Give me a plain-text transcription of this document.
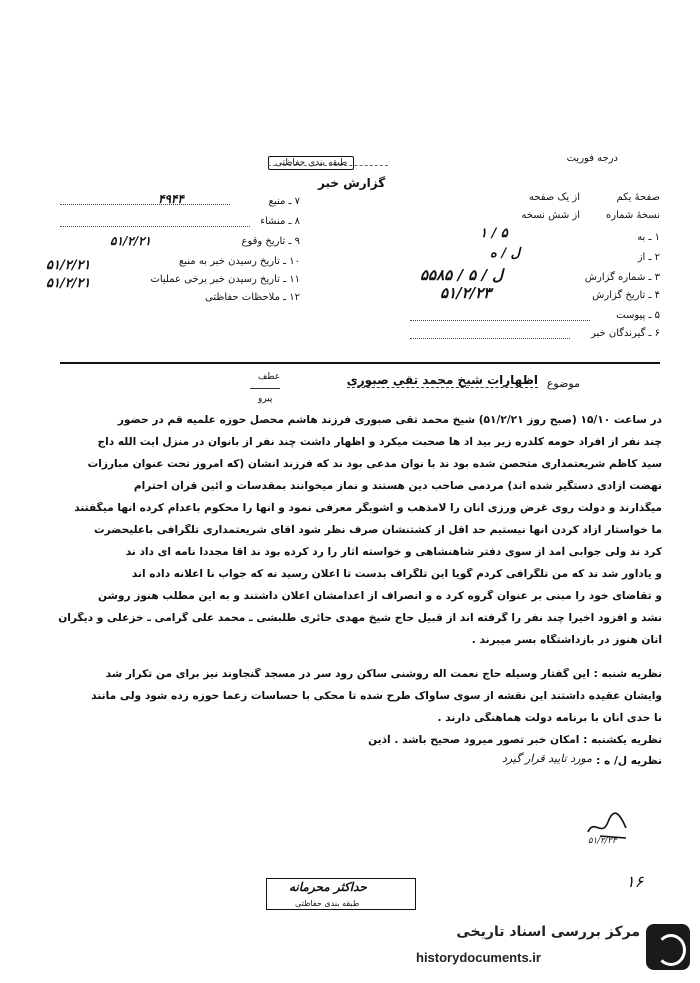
درجه فوریت
طبقه بندی حفاظتی
گزارش خبر
۷ ـ منبع
۴۹۴۴
۸ ـ منشاء
۹ ـ تاریخ وقوع
۵۱/۲/۲۱
۱۰ ـ تاریخ رسیدن خبر به منبع
۵۱/۲/۲۱
۱۱ ـ تاریخ رسیدن خبر برخی عملیات
۵۱/۲/۲۱
۱۲ ـ ملاحظات حفاظتی
صفحهٔ یکم
از یک صفحه
نسخهٔ شماره
از شش نسخه
۱ ـ به
۱ / ۵
۲ ـ از
ل / ه
۳ ـ شماره گزارش
۵۵۸۵ / ل / ۵
۴ ـ تاریخ گزارش
۵۱/۲/۲۳
۵ ـ پیوست
۶ ـ گیرندگان خبر
عطف
پیرو
موضوع
اظهارات شیخ محمد تقی صبوری
در ساعت ۱۵/۱۰ (صبح روز ۵۱/۲/۲۱) شیخ محمد تقی صبوری فرزند هاشم محصل حوزه علمیه قم در حضور
چند نفر از افراد حومه کلدره زیر بید اد ها صحبت میکرد و اظهار داشت چند نفر از بانوان در منزل آیت الله داج
سید کاظم شریعتمداری متحصن شده بود ند با نوان مدعی بود ند که فرزند انشان (که امروز تحت عنوان مبارزات
نهضت آزادی دستگیر شده اند) مردمی صاحب دین هستند و نماز میخوانند بمقدسات و آئین قرآن احترام
میگذارند و دولت روی غرض ورزی آنان را لامذهب و آشوبگر معرفی نمود و آنها را محکوم باعدام کرده آنها میگفتند
ما خواستار آزاد کردن آنها نیستیم حد اقل از کشتنشان صرف نظر شود آقای شریعتمداری تلگرافی باعلیحضرت
کرد ند ولی جوابی آمد از سوی دفتر شاهنشاهی و خواسته آثار را رد کرده بود ند آقا مجددا نامه ای داد ند
و یادآور شد ند که من تلگرافی کردم گویا این تلگراف بدست تا اعلان رسید نه که جواب نا اعلانه داده اند
و تقاضای خود را مبنی بر عنوان گروه کرد ه و انصراف از اعدامشان اعلان داشتند و به این مطلب هنوز روشن
نشد و افزود اخیرا چند نفر را گرفته اند از قبیل حاج شیخ مهدی حائری طلبشی ـ محمد علی گرامی ـ خزعلی و دیگران
آنان هنوز در بازداشتگاه بسر میبرند .
نظریه شنبه : این گفتار وسیله حاج نعمت اله روشنی ساکن رود سر در مسجد گنجاوند نیز برای من تکرار شد
وایشان عقیده داشتند این نقشه از سوی ساواک طرح شده تا محکی با حساسات زعما حوزه زده شود ولی مانند
نا حدی آنان با برنامه دولت هماهنگی دارند .
نظریه یکشنبه : امکان خبر تصور میرود صحیح باشد . آذین
نظریه ل/ ه :
مورد تایید قرار گیرد
۵۱/۲/۲۳
۱۶
حداکثر محرمانه
طبقه بندی حفاظتی
مرکز بررسی اسناد تاریخی
historydocuments.ir
